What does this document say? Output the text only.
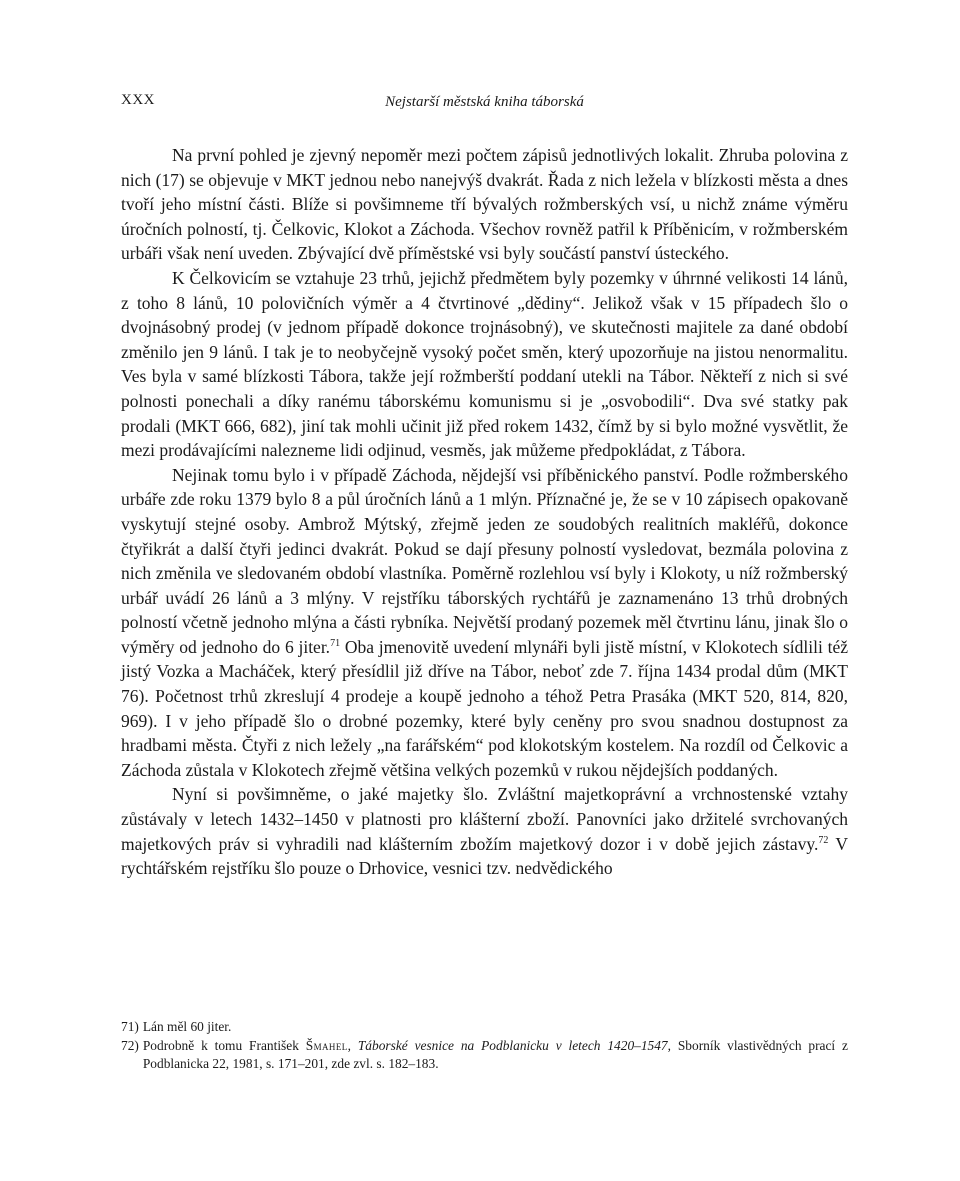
XXX	Nejstarší městská kniha táborská

Na první pohled je zjevný nepoměr mezi počtem zápisů jednotlivých lokalit. Zhruba polovina z nich (17) se objevuje v MKT jednou nebo nanejvýš dvakrát. Řada z nich ležela v blízkosti města a dnes tvoří jeho místní části. Blíže si povšimneme tří bývalých rožmberských vsí, u nichž známe výměru úročních polností, tj. Čelkovic, Klokot a Záchoda. Všechov rovněž patřil k Příběnicím, v rožmberském urbáři však není uveden. Zbývající dvě příměstské vsi byly součástí panství ústeckého.

K Čelkovicím se vztahuje 23 trhů, jejichž předmětem byly pozemky v úhrnné velikosti 14 lánů, z toho 8 lánů, 10 polovičních výměr a 4 čtvrtinové „dědiny“. Jelikož však v 15 případech šlo o dvojnásobný prodej (v jednom případě dokonce trojnásobný), ve skutečnosti majitele za dané období změnilo jen 9 lánů. I tak je to neobyčejně vysoký počet směn, který upozorňuje na jistou nenormalitu. Ves byla v samé blízkosti Tábora, takže její rožmberští poddaní utekli na Tábor. Někteří z nich si své polnosti ponechali a díky ranému táborskému komunismu si je „osvobodili“. Dva své statky pak prodali (MKT 666, 682), jiní tak mohli učinit již před rokem 1432, čímž by si bylo možné vysvětlit, že mezi prodávajícími nalezneme lidi odjinud, vesměs, jak můžeme předpokládat, z Tábora.

Nejinak tomu bylo i v případě Záchoda, nějdejší vsi příběnického panství. Podle rožmberského urbáře zde roku 1379 bylo 8 a půl úročních lánů a 1 mlýn. Příznačné je, že se v 10 zápisech opakovaně vyskytují stejné osoby. Ambrož Mýtský, zřejmě jeden ze soudobých realitních makléřů, dokonce čtyřikrát a další čtyři jedinci dvakrát. Pokud se dají přesuny polností vysledovat, bezmála polovina z nich změnila ve sledovaném období vlastníka. Poměrně rozlehlou vsí byly i Klokoty, u níž rožmberský urbář uvádí 26 lánů a 3 mlýny. V rejstříku táborských rychtářů je zaznamenáno 13 trhů drobných polností včetně jednoho mlýna a části rybníka. Největší prodaný pozemek měl čtvrtinu lánu, jinak šlo o výměry od jednoho do 6 jiter.$^{71}$ Oba jmenovitě uvedení mlynáři byli jistě místní, v Klokotech sídlili též jistý Vozka a Macháček, který přesídlil již dříve na Tábor, neboť zde 7. října 1434 prodal dům (MKT 76). Početnost trhů zkreslují 4 prodeje a koupě jednoho a téhož Petra Prasáka (MKT 520, 814, 820, 969). I v jeho případě šlo o drobné pozemky, které byly ceněny pro svou snadnou dostupnost za hradbami města. Čtyři z nich ležely „na farářském“ pod klokotským kostelem. Na rozdíl od Čelkovic a Záchoda zůstala v Klokotech zřejmě většina velkých pozemků v rukou nějdejších poddaných.

Nyní si povšimněme, o jaké majetky šlo. Zvláštní majetkoprávní a vrchnostenské vztahy zůstávaly v letech 1432–1450 v platnosti pro klášterní zboží. Panovníci jako držitelé svrchovaných majetkových práv si vyhradili nad klášterním zbožím majetkový dozor i v době jejich zástavy.$^{72}$ V rychtářském rejstříku šlo pouze o Drhovice, vesnici tzv. nedvědického

71) Lán měl 60 jiter.
72) Podrobně k tomu František Šmahel, Táborské vesnice na Podblanicku v letech 1420–1547, Sborník vlastivědných prací z Podblanicka 22, 1981, s. 171–201, zde zvl. s. 182–183.
